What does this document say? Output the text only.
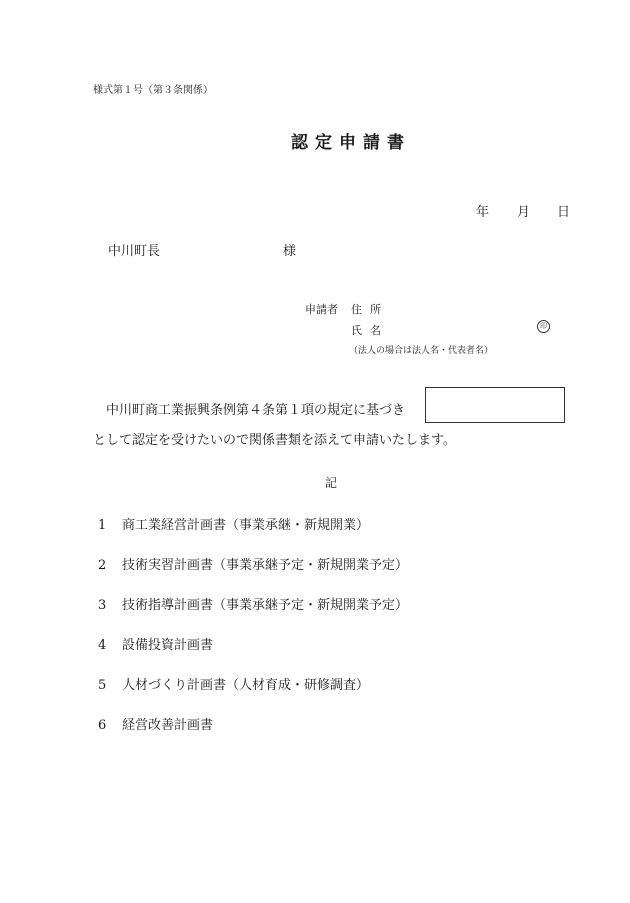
様式第１号（第３条関係）
認定申請書
年 月 日
中川町長	様
申請者 住所
氏名	印
（法人の場合は法人名・代表者名）
中川町商工業振興条例第４条第１項の規定に基づき
として認定を受けたいので関係書類を添えて申請いたします。
記
1 商工業経営計画書（事業承継・新規開業）
2 技術実習計画書（事業承継予定・新規開業予定）
3 技術指導計画書（事業承継予定・新規開業予定）
4 設備投資計画書
5 人材づくり計画書（人材育成・研修調査）
6 経営改善計画書
